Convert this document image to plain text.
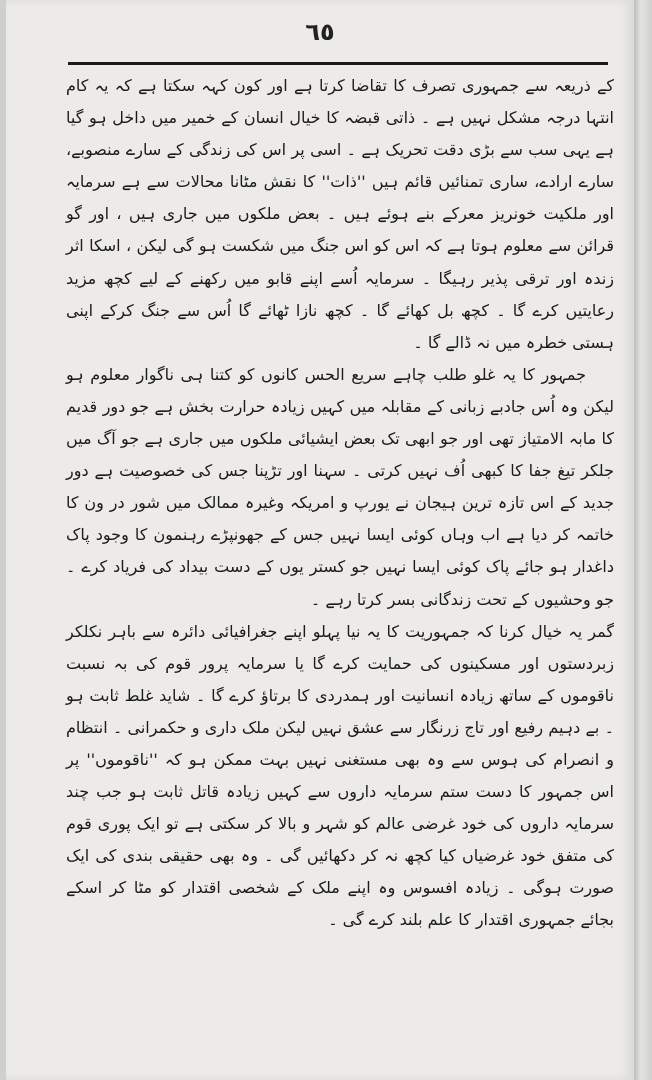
٦٥

کے ذریعہ سے جمہوری تصرف کا تقاضا کرتا ہے اور کون کہہ سکتا ہے کہ یہ کام انتہا درجہ مشکل نہیں ہے ۔ ذاتی قبضہ کا خیال انسان کے خمیر میں داخل ہو گیا ہے یہی سب سے بڑی دقت تحریک ہے ۔ اسی پر اس کی زندگی کے سارے منصوبے، سارے ارادے، ساری تمنائیں قائم ہیں ''ذات'' کا نقش مٹانا محالات سے ہے سرمایہ اور ملکیت خونریز معرکے بنے ہوئے ہیں ۔ بعض ملکوں میں جاری ہیں ، اور گو قرائن سے معلوم ہوتا ہے کہ اس کو اس جنگ میں شکست ہو گی لیکن ، اسکا اثر زندہ اور ترقی پذیر رہیگا ۔ سرمایہ اُسے اپنے قابو میں رکھنے کے لیے کچھ مزید رعایتیں کرے گا ۔ کچھ بل کھائے گا ۔ کچھ نازا ٹھائے گا اُس سے جنگ کرکے اپنی ہستی خطرہ میں نہ ڈالے گا ۔

جمہور کا یہ غلو طلب چاہے سریع الحس کانوں کو کتنا ہی ناگوار معلوم ہو لیکن وہ اُس جادبے زبانی کے مقابلہ میں کہیں زیادہ حرارت بخش ہے جو دور قدیم کا مابہ الامتیاز تھی اور جو ابھی تک بعض ایشیائی ملکوں میں جاری ہے جو آگ میں جلکر تیغ جفا کا کبھی اُف نہیں کرتی ۔ سہنا اور تڑپنا جس کی خصوصیت ہے دور جدید کے اس تازہ ترین ہیجان نے یورپ و امریکہ وغیرہ ممالک میں شور در ون کا خاتمہ کر دیا ہے اب وہاں کوئی ایسا نہیں جس کے جھونپڑے رہنمون کا وجود پاک داغدار ہو جائے پاک کوئی ایسا نہیں جو کستر یوں کے دست بیداد کی فریاد کرے ۔ جو وحشیوں کے تحت زندگانی بسر کرتا رہے ۔

گمر یہ خیال کرنا کہ جمہوریت کا یہ نیا پہلو اپنے جغرافیائی دائرہ سے باہر نکلکر زبردستوں اور مسکینوں کی حمایت کرے گا یا سرمایہ پرور قوم کی بہ نسبت ناقوموں کے ساتھ زیادہ انسانیت اور ہمدردی کا برتاؤ کرے گا ۔ شاید غلط ثابت ہو ۔ بے دہیم رفیع اور تاج زرنگار سے عشق نہیں لیکن ملک داری و حکمرانی ۔ انتظام و انصرام کی ہوس سے وہ بھی مستغنی نہیں بہت ممکن ہو کہ ''ناقوموں'' پر اس جمہور کا دست ستم سرمایہ داروں سے کہیں زیادہ قاتل ثابت ہو جب چند سرمایہ داروں کی خود غرضی عالم کو شہر و بالا کر سکتی ہے تو ایک پوری قوم کی متفق خود غرضیاں کیا کچھ نہ کر دکھائیں گی ۔ وہ بھی حقیقی بندی کی ایک صورت ہوگی ۔ زیادہ افسوس وہ اپنے ملک کے شخصی اقتدار کو مٹا کر اسکے بجائے جمہوری اقتدار کا علم بلند کرے گی ۔
